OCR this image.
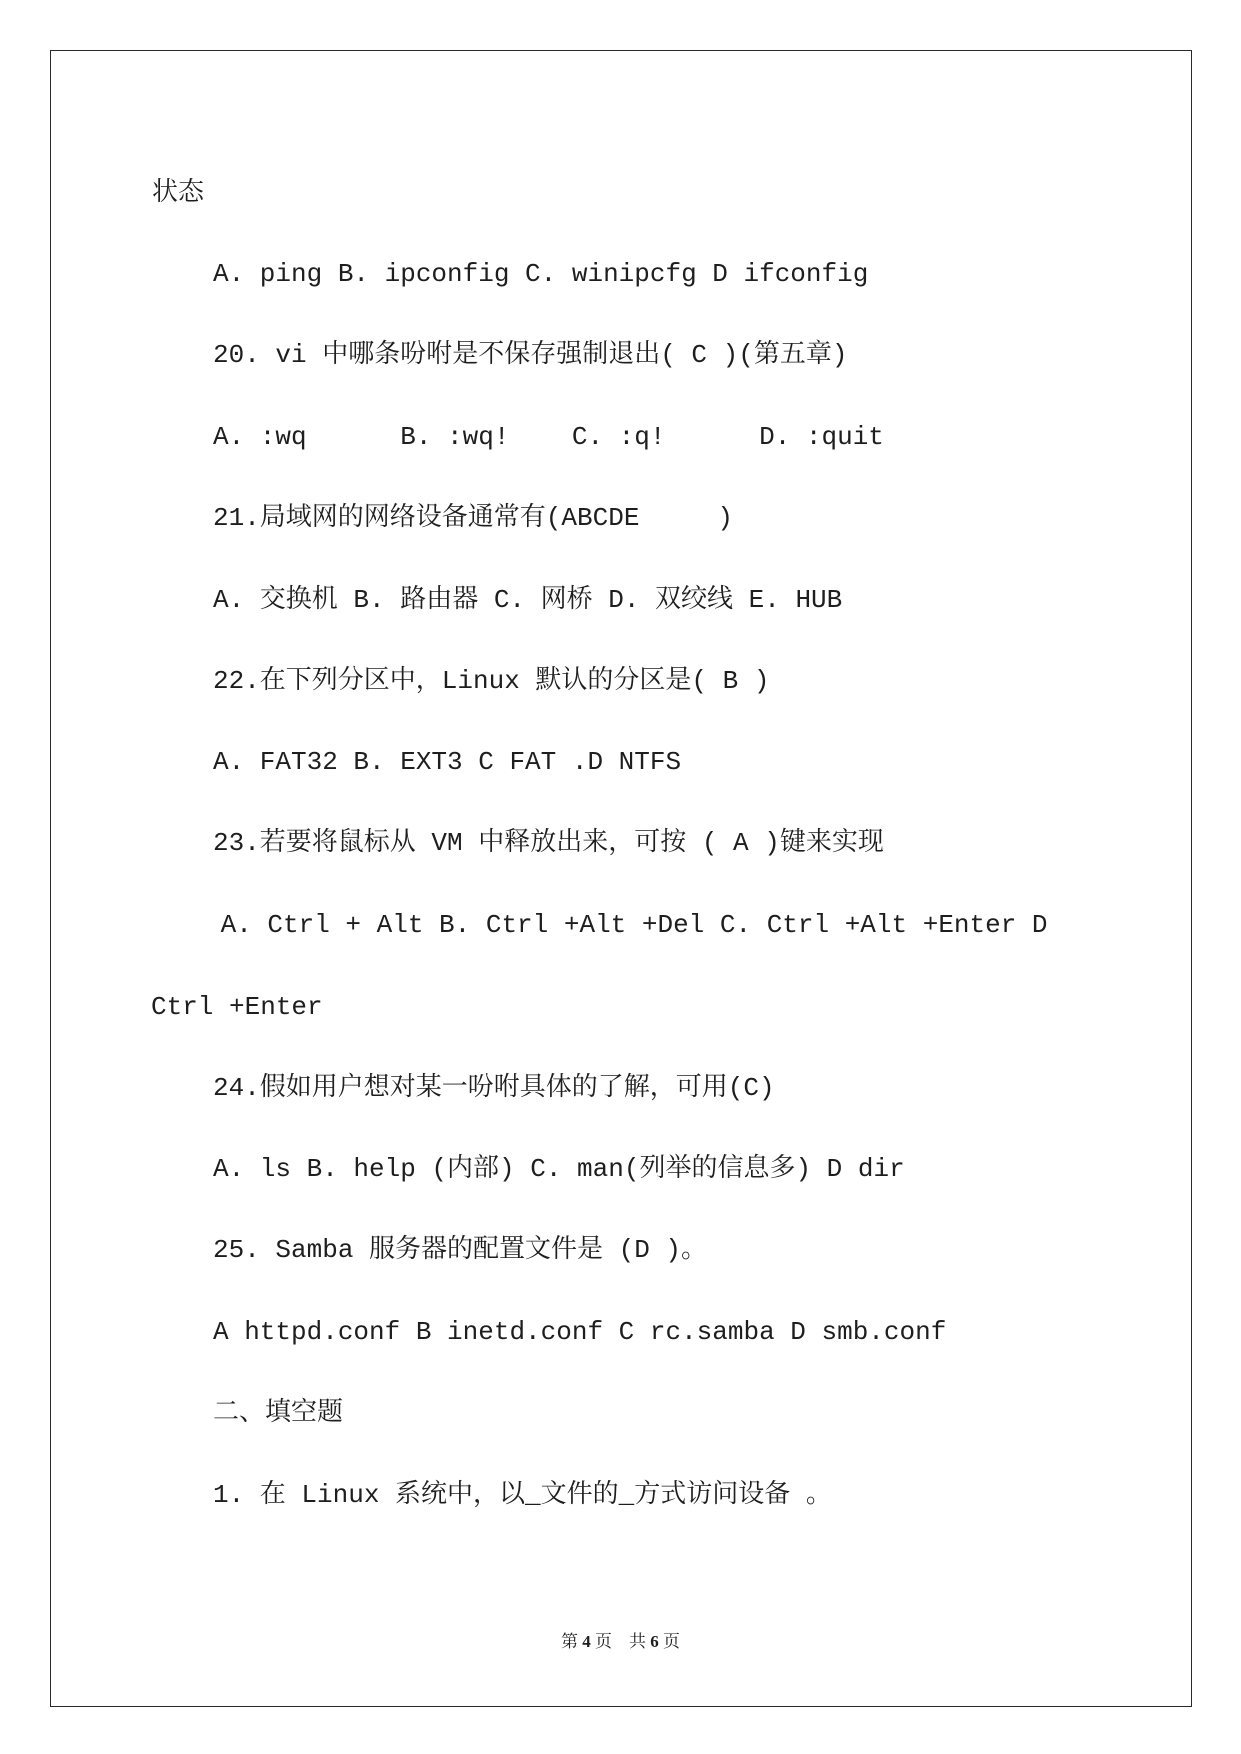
状态
A. ping B. ipconfig C. winipcfg D ifconfig
20. vi 中哪条吩咐是不保存强制退出( C )(第五章)
A. :wq      B. :wq!    C. :q!      D. :quit
21.局域网的网络设备通常有(ABCDE     )
A. 交换机 B. 路由器 C. 网桥 D. 双绞线 E. HUB
22.在下列分区中，Linux 默认的分区是( B )
A. FAT32 B. EXT3 C FAT .D NTFS
23.若要将鼠标从 VM 中释放出来，可按 ( A )键来实现
A. Ctrl + Alt B. Ctrl +Alt +Del C. Ctrl +Alt +Enter D
Ctrl +Enter
24.假如用户想对某一吩咐具体的了解，可用(C)
A. ls B. help (内部) C. man(列举的信息多) D dir
25. Samba 服务器的配置文件是 (D )。
A httpd.conf B inetd.conf C rc.samba D smb.conf
二、填空题
1. 在 Linux 系统中，以_文件的_方式访问设备 。
第 4 页 共 6 页
